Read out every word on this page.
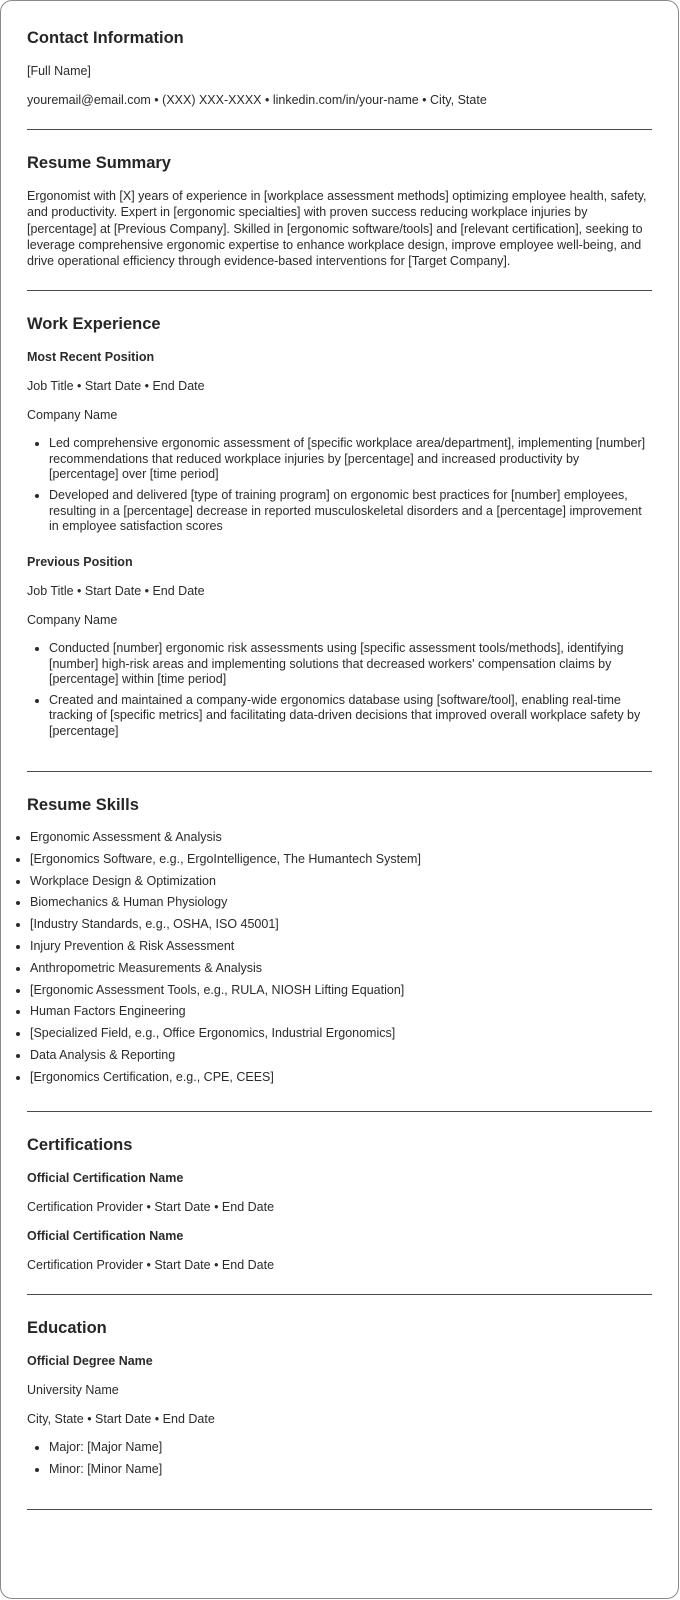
Contact Information
[Full Name]
youremail@email.com • (XXX) XXX-XXXX • linkedin.com/in/your-name • City, State
Resume Summary

Ergonomist with [X] years of experience in [workplace assessment methods] optimizing employee health, safety, and productivity. Expert in [ergonomic specialties] with proven success reducing workplace injuries by [percentage] at [Previous Company]. Skilled in [ergonomic software/tools] and [relevant certification], seeking to leverage comprehensive ergonomic expertise to enhance workplace design, improve employee well-being, and drive operational efficiency through evidence-based interventions for [Target Company].

Work Experience
Most Recent Position
Job Title • Start Date • End Date
Company Name
• Led comprehensive ergonomic assessment of [specific workplace area/department], implementing [number] recommendations that reduced workplace injuries by [percentage] and increased productivity by [percentage] over [time period]
• Developed and delivered [type of training program] on ergonomic best practices for [number] employees, resulting in a [percentage] decrease in reported musculoskeletal disorders and a [percentage] improvement in employee satisfaction scores
Previous Position
Job Title • Start Date • End Date
Company Name
• Conducted [number] ergonomic risk assessments using [specific assessment tools/methods], identifying [number] high-risk areas and implementing solutions that decreased workers' compensation claims by [percentage] within [time period]
• Created and maintained a company-wide ergonomics database using [software/tool], enabling real-time tracking of [specific metrics] and facilitating data-driven decisions that improved overall workplace safety by [percentage]
Resume Skills
• Ergonomic Assessment & Analysis
• [Ergonomics Software, e.g., ErgoIntelligence, The Humantech System]
• Workplace Design & Optimization
• Biomechanics & Human Physiology
• [Industry Standards, e.g., OSHA, ISO 45001]
• Injury Prevention & Risk Assessment
• Anthropometric Measurements & Analysis
• [Ergonomic Assessment Tools, e.g., RULA, NIOSH Lifting Equation]
• Human Factors Engineering
• [Specialized Field, e.g., Office Ergonomics, Industrial Ergonomics]
• Data Analysis & Reporting
• [Ergonomics Certification, e.g., CPE, CEES]
Certifications
Official Certification Name
Certification Provider • Start Date • End Date
Official Certification Name
Certification Provider • Start Date • End Date
Education
Official Degree Name
University Name
City, State • Start Date • End Date
• Major: [Major Name]
• Minor: [Minor Name]
